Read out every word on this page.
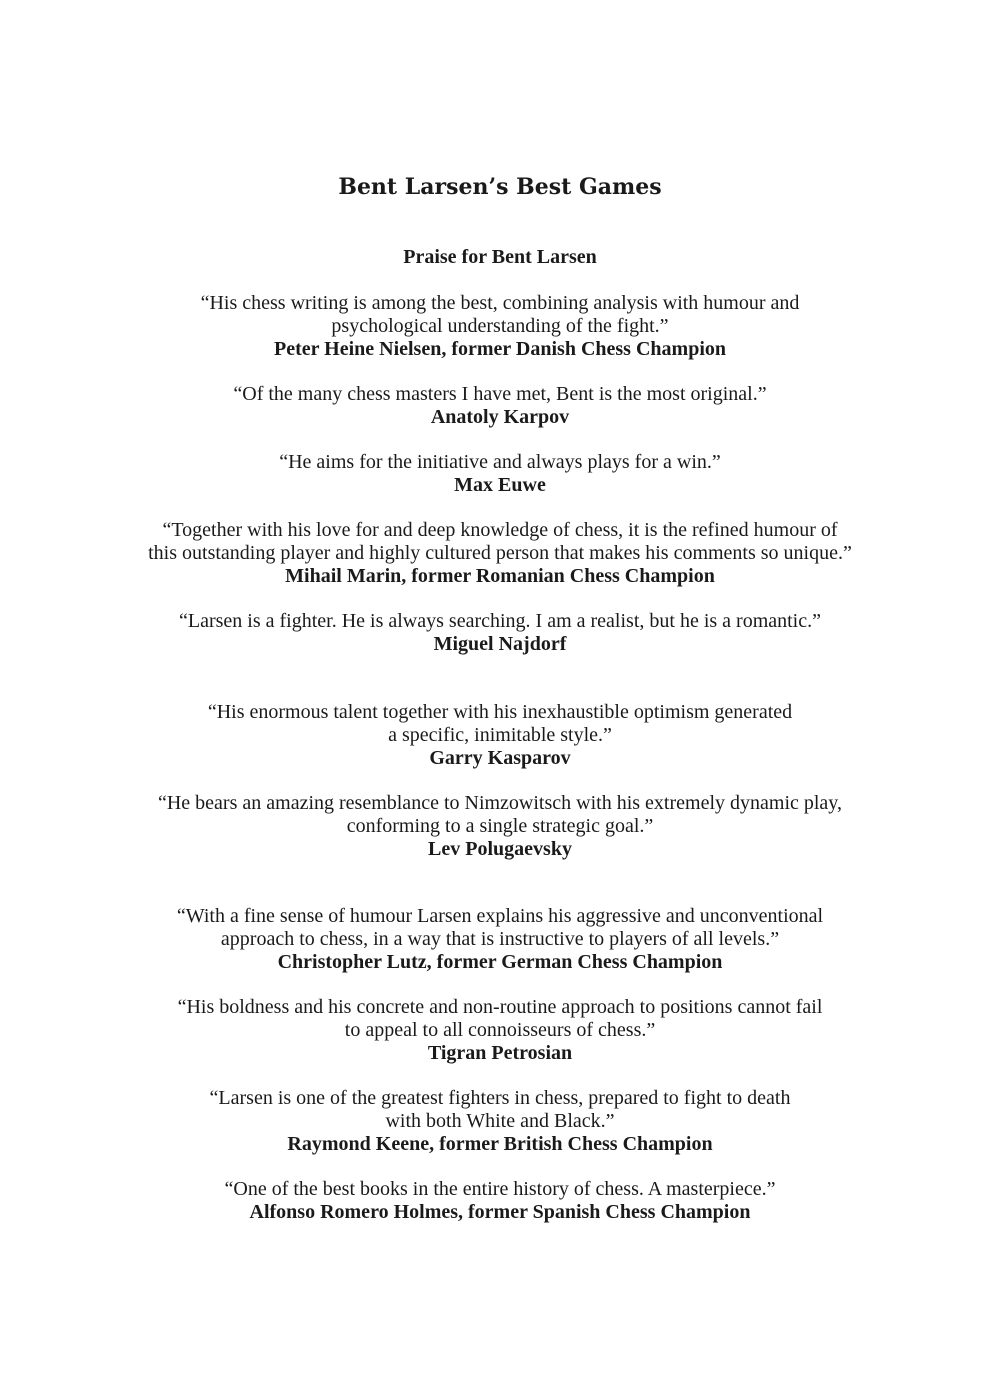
Bent Larsen’s Best Games
Praise for Bent Larsen
“His chess writing is among the best, combining analysis with humour and
psychological understanding of the fight.”
Peter Heine Nielsen, former Danish Chess Champion
“Of the many chess masters I have met, Bent is the most original.”
Anatoly Karpov
“He aims for the initiative and always plays for a win.”
Max Euwe
“Together with his love for and deep knowledge of chess, it is the refined humour of
this outstanding player and highly cultured person that makes his comments so unique.”
Mihail Marin, former Romanian Chess Champion
“Larsen is a fighter. He is always searching. I am a realist, but he is a romantic.”
Miguel Najdorf
“His enormous talent together with his inexhaustible optimism generated
a specific, inimitable style.”
Garry Kasparov
“He bears an amazing resemblance to Nimzowitsch with his extremely dynamic play,
conforming to a single strategic goal.”
Lev Polugaevsky
“With a fine sense of humour Larsen explains his aggressive and unconventional
approach to chess, in a way that is instructive to players of all levels.”
Christopher Lutz, former German Chess Champion
“His boldness and his concrete and non-routine approach to positions cannot fail
to appeal to all connoisseurs of chess.”
Tigran Petrosian
“Larsen is one of the greatest fighters in chess, prepared to fight to death
with both White and Black.”
Raymond Keene, former British Chess Champion
“One of the best books in the entire history of chess. A masterpiece.”
Alfonso Romero Holmes, former Spanish Chess Champion
